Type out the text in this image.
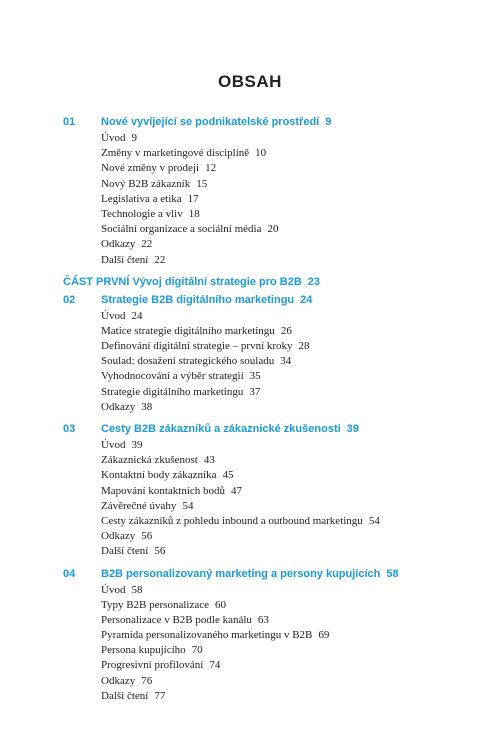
OBSAH
01 Nové vyvíjející se podnikatelské prostředí 9
Úvod 9
Změny v marketingové disciplíně 10
Nové změny v prodeji 12
Nový B2B zákazník 15
Legislativa a etika 17
Technologie a vliv 18
Sociální organizace a sociální média 20
Odkazy 22
Další čtení 22
ČÁST PRVNÍ Vývoj digitální strategie pro B2B 23
02 Strategie B2B digitálního marketingu 24
Úvod 24
Matice strategie digitálního marketingu 26
Definování digitální strategie – první kroky 28
Soulad: dosažení strategického souladu 34
Vyhodnocování a výběr strategií 35
Strategie digitálního marketingu 37
Odkazy 38
03 Cesty B2B zákazníků a zákaznické zkušenosti 39
Úvod 39
Zákaznická zkušenost 43
Kontaktní body zákazníka 45
Mapování kontaktních bodů 47
Závěrečné úvahy 54
Cesty zákazníků z pohledu inbound a outbound marketingu 54
Odkazy 56
Další čtení 56
04 B2B personalizovaný marketing a persony kupujících 58
Úvod 58
Typy B2B personalizace 60
Personalizace v B2B podle kanálu 63
Pyramida personalizovaného marketingu v B2B 69
Persona kupujícího 70
Progresivní profilování 74
Odkazy 76
Další čtení 77
